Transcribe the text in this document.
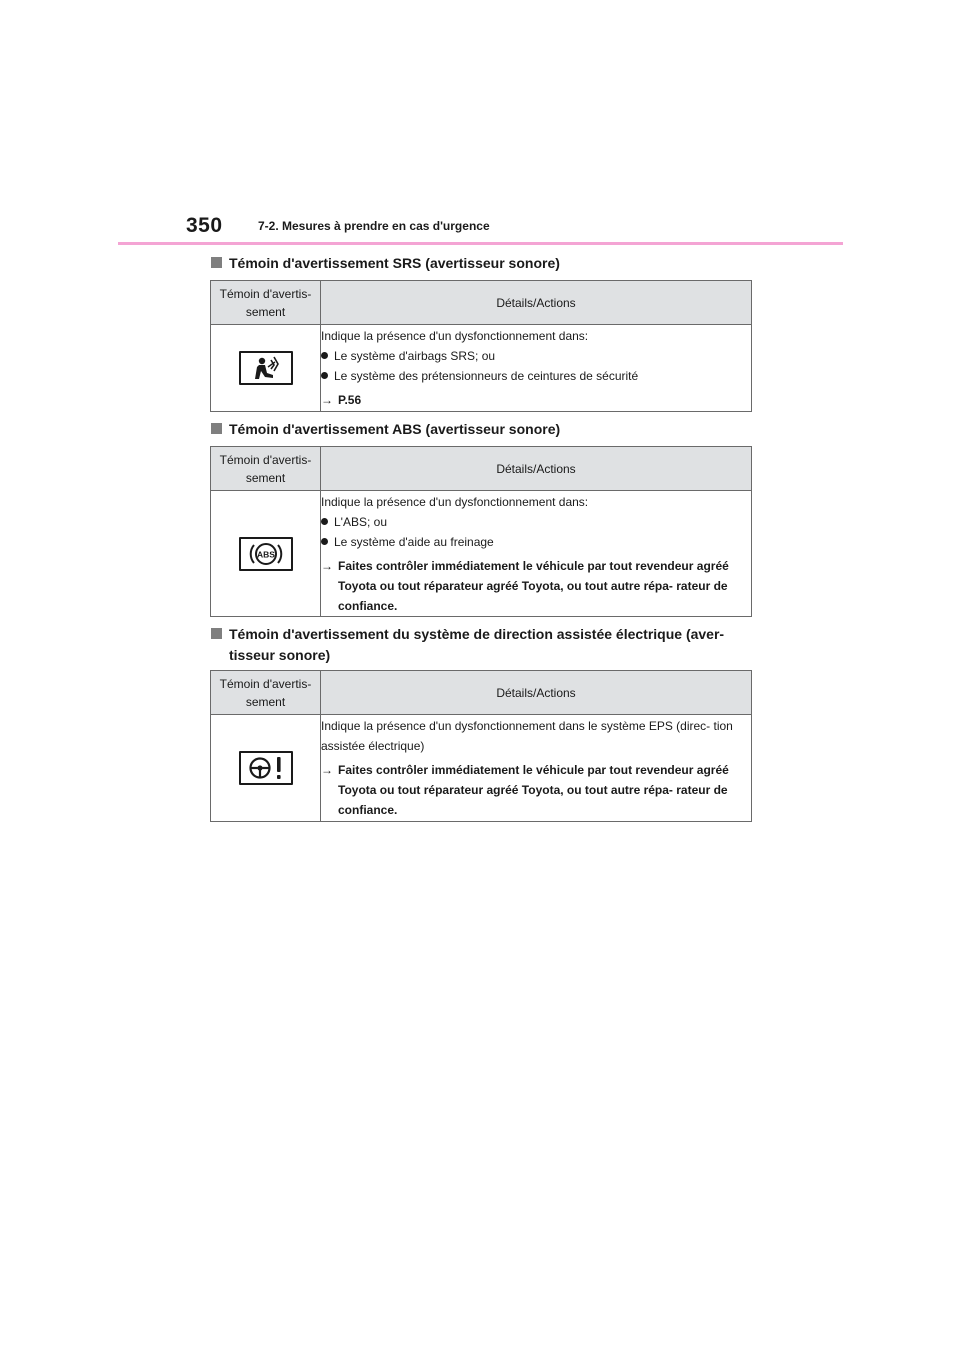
350	7-2. Mesures à prendre en cas d'urgence
Témoin d'avertissement SRS (avertisseur sonore)
Témoin d'avertis-
sement	Détails/Actions

Indique la présence d'un dysfonctionnement dans:
Le système d'airbags SRS; ou
Le système des prétensionneurs de ceintures de sécurité
→ P.56
Témoin d'avertissement ABS (avertisseur sonore)
Témoin d'avertis-
sement	Détails/Actions

ABS	Indique la présence d'un dysfonctionnement dans:
L'ABS; ou
Le système d'aide au freinage
→ Faites contrôler immédiatement le véhicule par tout revendeur agréé Toyota ou tout réparateur agréé Toyota, ou tout autre répa- rateur de confiance.
Témoin d'avertissement du système de direction assistée électrique (aver-
tisseur sonore)
Témoin d'avertis-
sement	Détails/Actions

Indique la présence d'un dysfonctionnement dans le système EPS (direc- tion assistée électrique)
→ Faites contrôler immédiatement le véhicule par tout revendeur agréé Toyota ou tout réparateur agréé Toyota, ou tout autre répa- rateur de confiance.
